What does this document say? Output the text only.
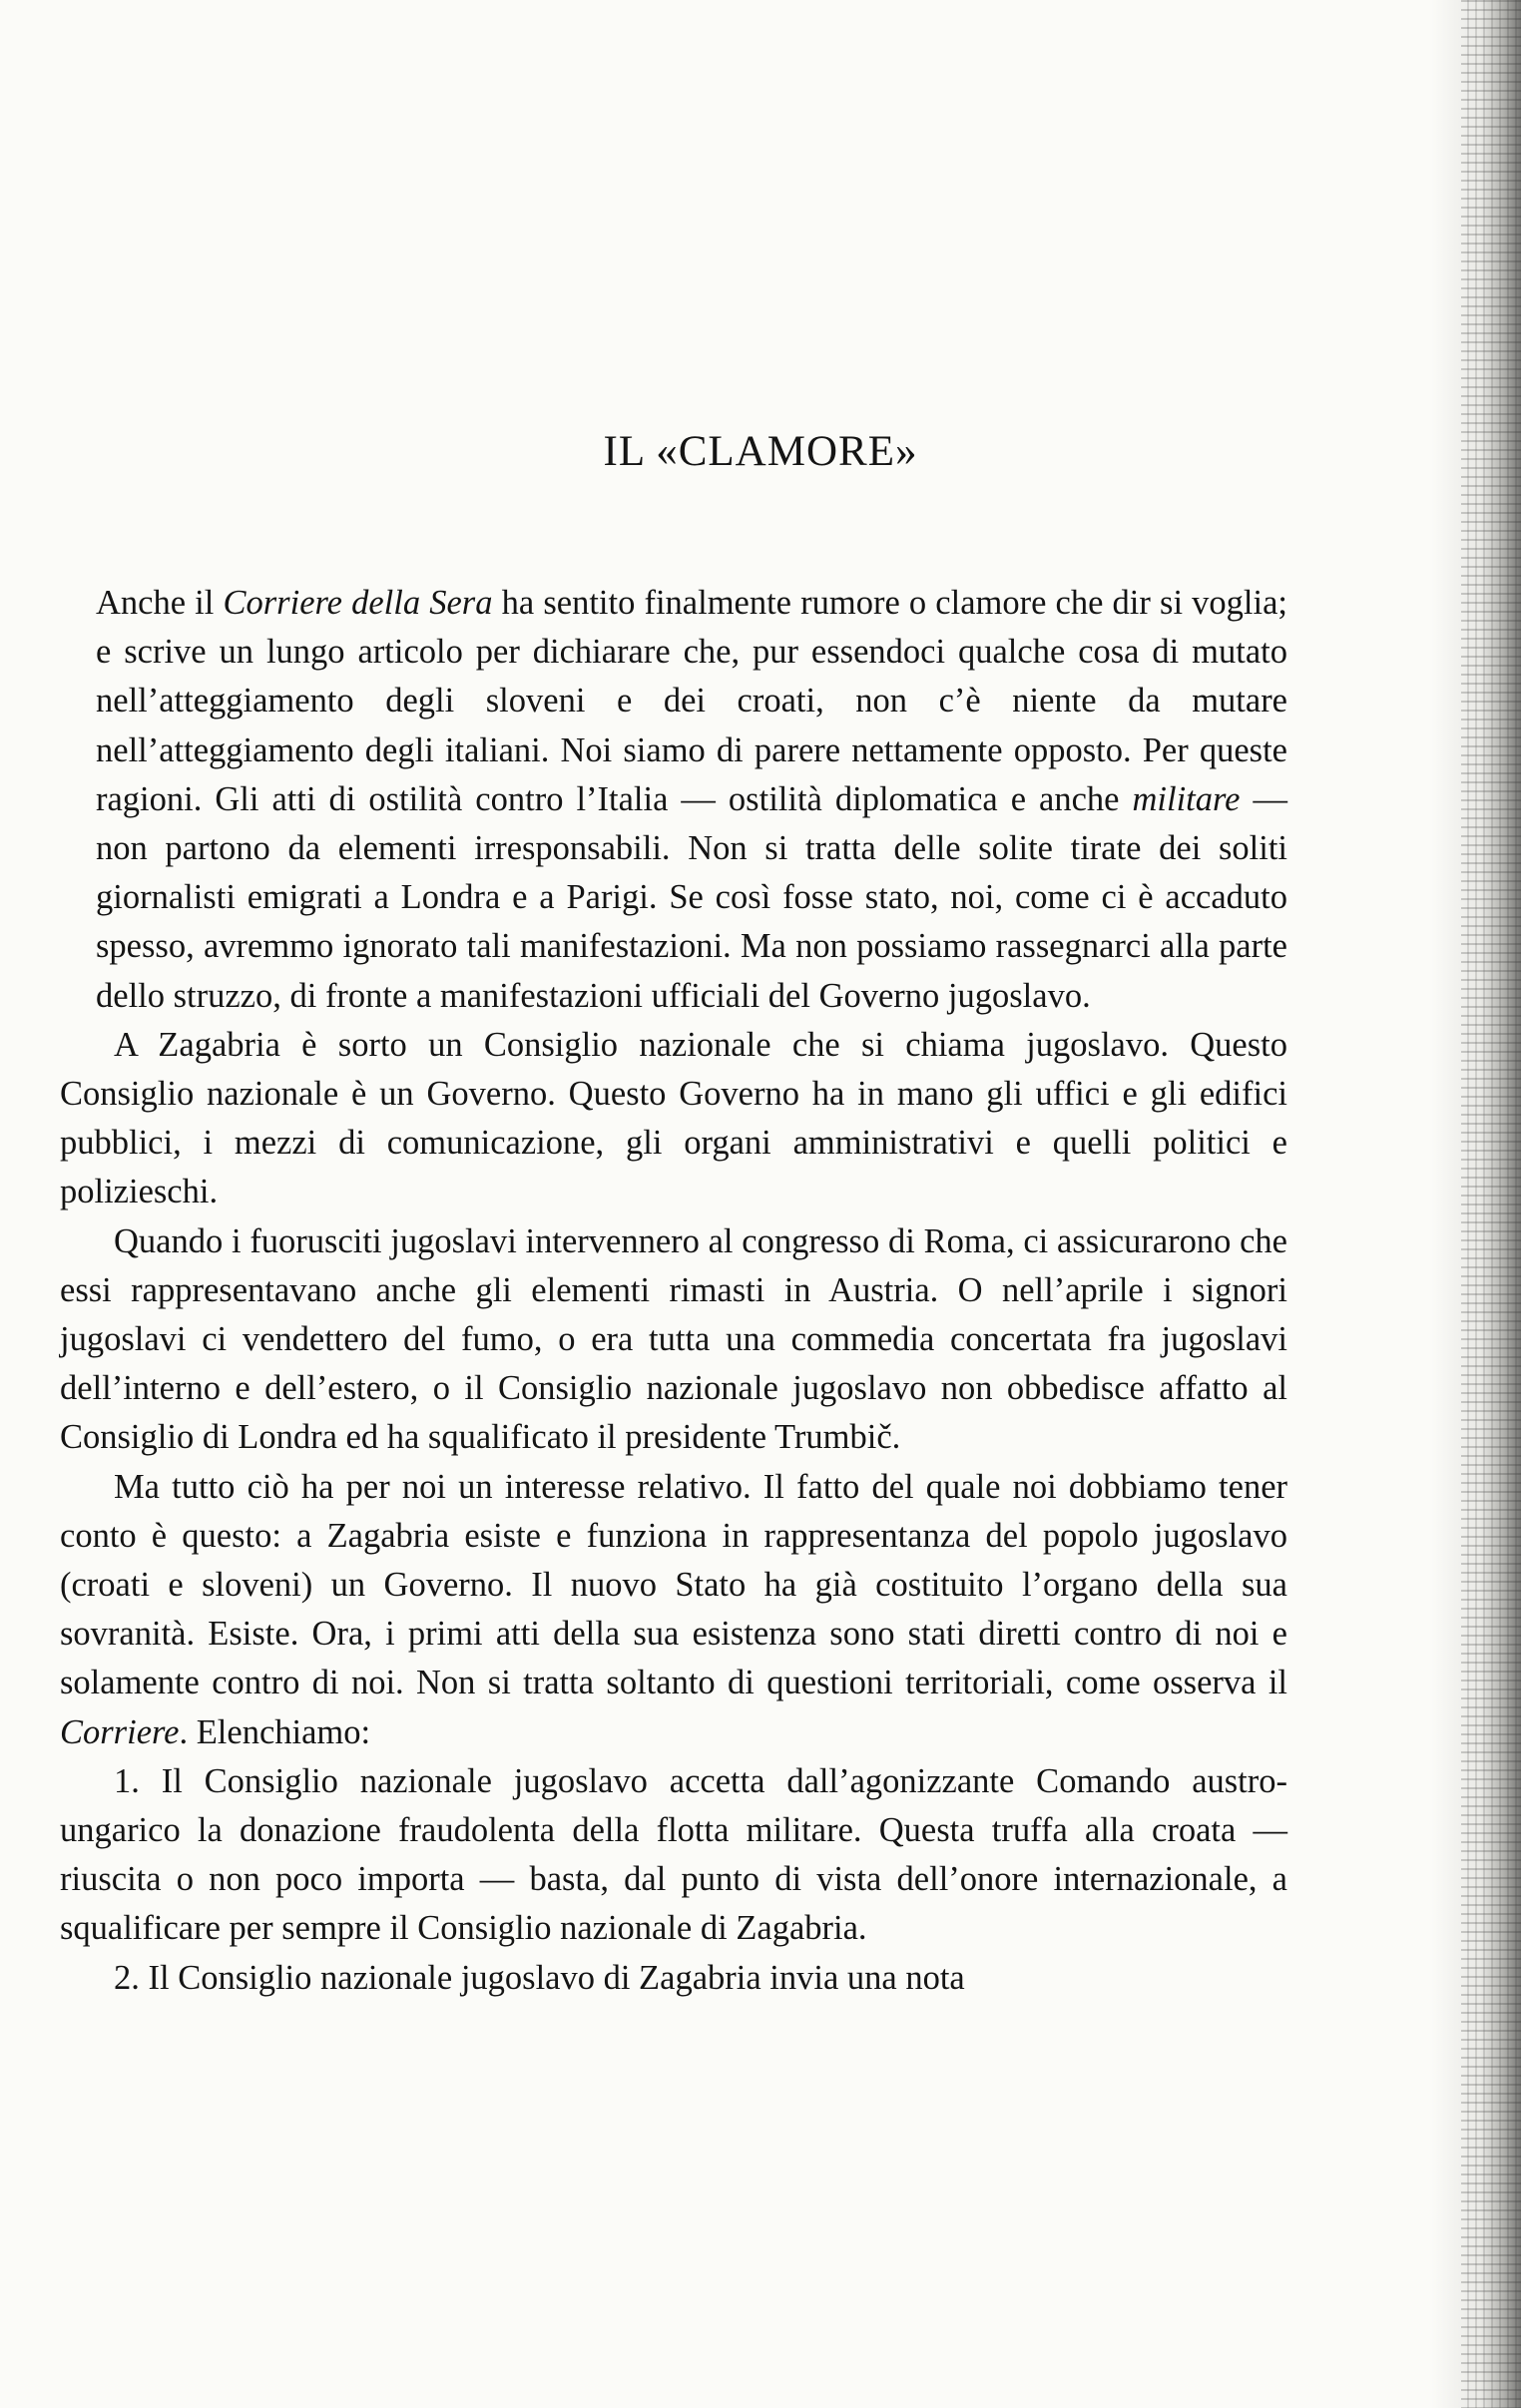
IL «CLAMORE»

Anche il Corriere della Sera ha sentito finalmente rumore o clamore che dir si voglia; e scrive un lungo articolo per dichiarare che, pur essendoci qualche cosa di mutato nell’atteggiamento degli sloveni e dei croati, non c’è niente da mutare nell’atteggiamento degli italiani. Noi siamo di parere nettamente opposto. Per queste ragioni. Gli atti di ostilità contro l’Italia — ostilità diplomatica e anche militare — non partono da elementi irresponsabili. Non si tratta delle solite tirate dei soliti giornalisti emigrati a Londra e a Parigi. Se così fosse stato, noi, come ci è accaduto spesso, avremmo ignorato tali manifestazioni. Ma non possiamo rassegnarci alla parte dello struzzo, di fronte a manifestazioni ufficiali del Governo jugoslavo.

A Zagabria è sorto un Consiglio nazionale che si chiama jugoslavo. Questo Consiglio nazionale è un Governo. Questo Governo ha in mano gli uffici e gli edifici pubblici, i mezzi di comunicazione, gli organi amministrativi e quelli politici e polizieschi.

Quando i fuorusciti jugoslavi intervennero al congresso di Roma, ci assicurarono che essi rappresentavano anche gli elementi rimasti in Austria. O nell’aprile i signori jugoslavi ci vendettero del fumo, o era tutta una commedia concertata fra jugoslavi dell’interno e dell’estero, o il Consiglio nazionale jugoslavo non obbedisce affatto al Consiglio di Londra ed ha squalificato il presidente Trumbič.

Ma tutto ciò ha per noi un interesse relativo. Il fatto del quale noi dobbiamo tener conto è questo: a Zagabria esiste e funziona in rappresentanza del popolo jugoslavo (croati e sloveni) un Governo. Il nuovo Stato ha già costituito l’organo della sua sovranità. Esiste. Ora, i primi atti della sua esistenza sono stati diretti contro di noi e solamente contro di noi. Non si tratta soltanto di questioni territoriali, come osserva il Corriere. Elenchiamo:

1. Il Consiglio nazionale jugoslavo accetta dall’agonizzante Comando austro-ungarico la donazione fraudolenta della flotta militare. Questa truffa alla croata — riuscita o non poco importa — basta, dal punto di vista dell’onore internazionale, a squalificare per sempre il Consiglio nazionale di Zagabria.

2. Il Consiglio nazionale jugoslavo di Zagabria invia una nota
